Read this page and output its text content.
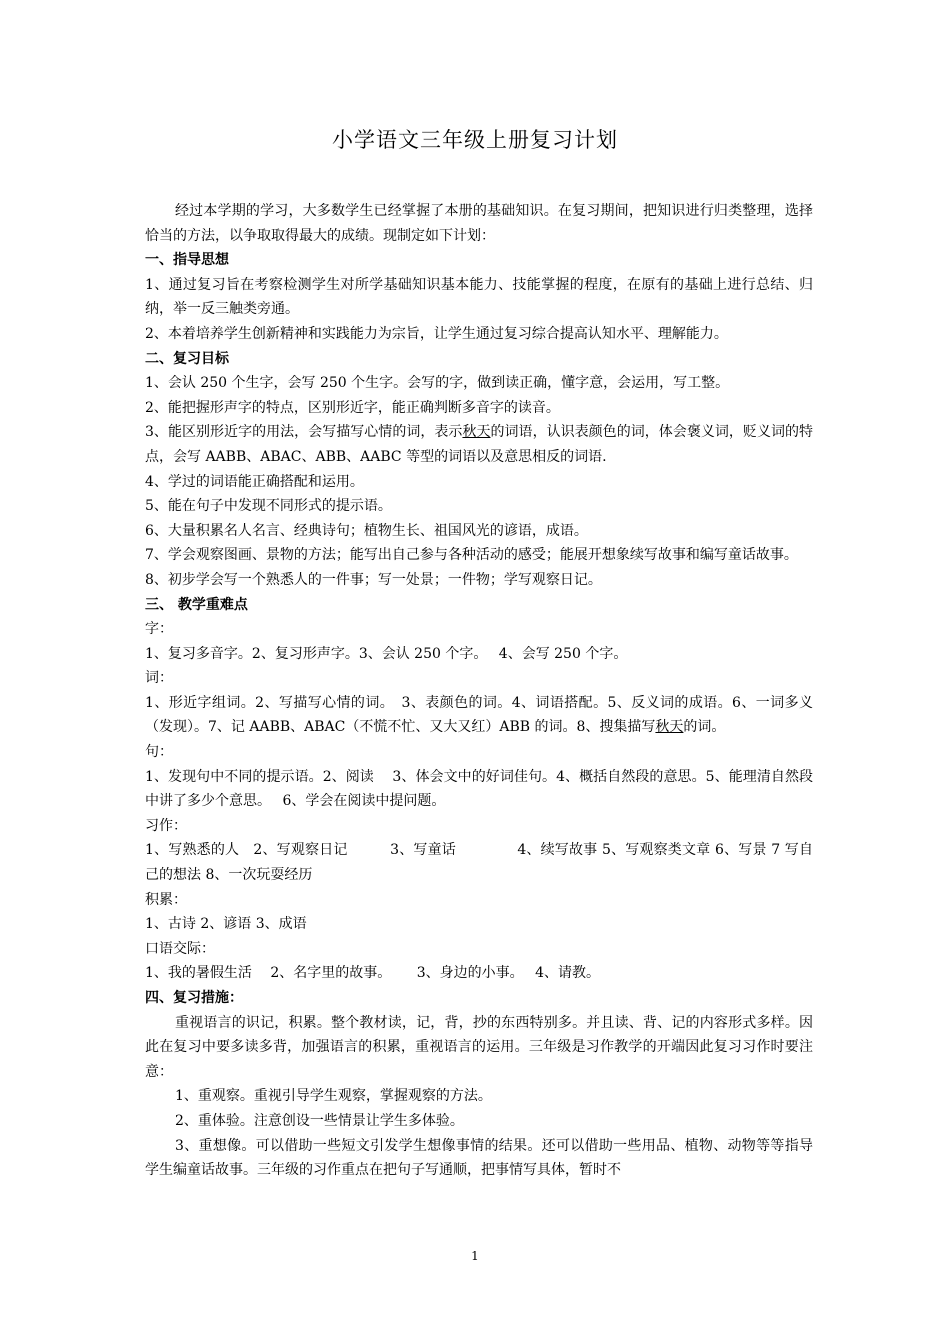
小学语文三年级上册复习计划

经过本学期的学习，大多数学生已经掌握了本册的基础知识。在复习期间，把知识进行归类整理，选择恰当的方法，以争取取得最大的成绩。现制定如下计划：

一、指导思想

1、通过复习旨在考察检测学生对所学基础知识基本能力、技能掌握的程度，在原有的基础上进行总结、归纳，举一反三触类旁通。

2、本着培养学生创新精神和实践能力为宗旨，让学生通过复习综合提高认知水平、理解能力。

二、复习目标

1、会认 250 个生字，会写 250 个生字。会写的字，做到读正确，懂字意，会运用，写工整。

2、能把握形声字的特点，区别形近字，能正确判断多音字的读音。

3、能区别形近字的用法，会写描写心情的词，表示秋天的词语，认识表颜色的词，体会褒义词，贬义词的特点，会写 AABB、ABAC、ABB、AABC 等型的词语以及意思相反的词语.

4、学过的词语能正确搭配和运用。

5、能在句子中发现不同形式的提示语。

6、大量积累名人名言、经典诗句；植物生长、祖国风光的谚语，成语。

7、学会观察图画、景物的方法；能写出自己参与各种活动的感受；能展开想象续写故事和编写童话故事。

8、初步学会写一个熟悉人的一件事；写一处景；一件物；学写观察日记。

三、 教学重难点

字：

1、复习多音字。2、复习形声字。3、会认 250 个字。　 4、会写 250 个字。

词：

1、形近字组词。2、写描写心情的词。　3、表颜色的词。4、词语搭配。5、反义词的成语。6、一词多义（发现）。7、记 AABB、ABAC（不慌不忙、又大又红）ABB 的词。8、搜集描写秋天的词。

句：

1、发现句中不同的提示语。2、阅读　 3、体会文中的好词佳句。4、概括自然段的意思。5、能理清自然段中讲了多少个意思。　 6、学会在阅读中提问题。

习作：

1、写熟悉的人　2、写观察日记　　　3、写童话　　　　 4、续写故事 5、写观察类文章 6、写景 7 写自己的想法 8、一次玩耍经历

积累：

1、古诗 2、谚语 3、成语

口语交际：

1、我的暑假生活　 2、名字里的故事。　　 3、身边的小事。　 4、请教。

四、复习措施：

重视语言的识记，积累。整个教材读，记，背，抄的东西特别多。并且读、背、记的内容形式多样。因此在复习中要多读多背，加强语言的积累，重视语言的运用。三年级是习作教学的开端因此复习习作时要注意：

1、重观察。重视引导学生观察，掌握观察的方法。

2、重体验。注意创设一些情景让学生多体验。

3、重想像。可以借助一些短文引发学生想像事情的结果。还可以借助一些用品、植物、动物等等指导学生编童话故事。三年级的习作重点在把句子写通顺，把事情写具体，暂时不

1
